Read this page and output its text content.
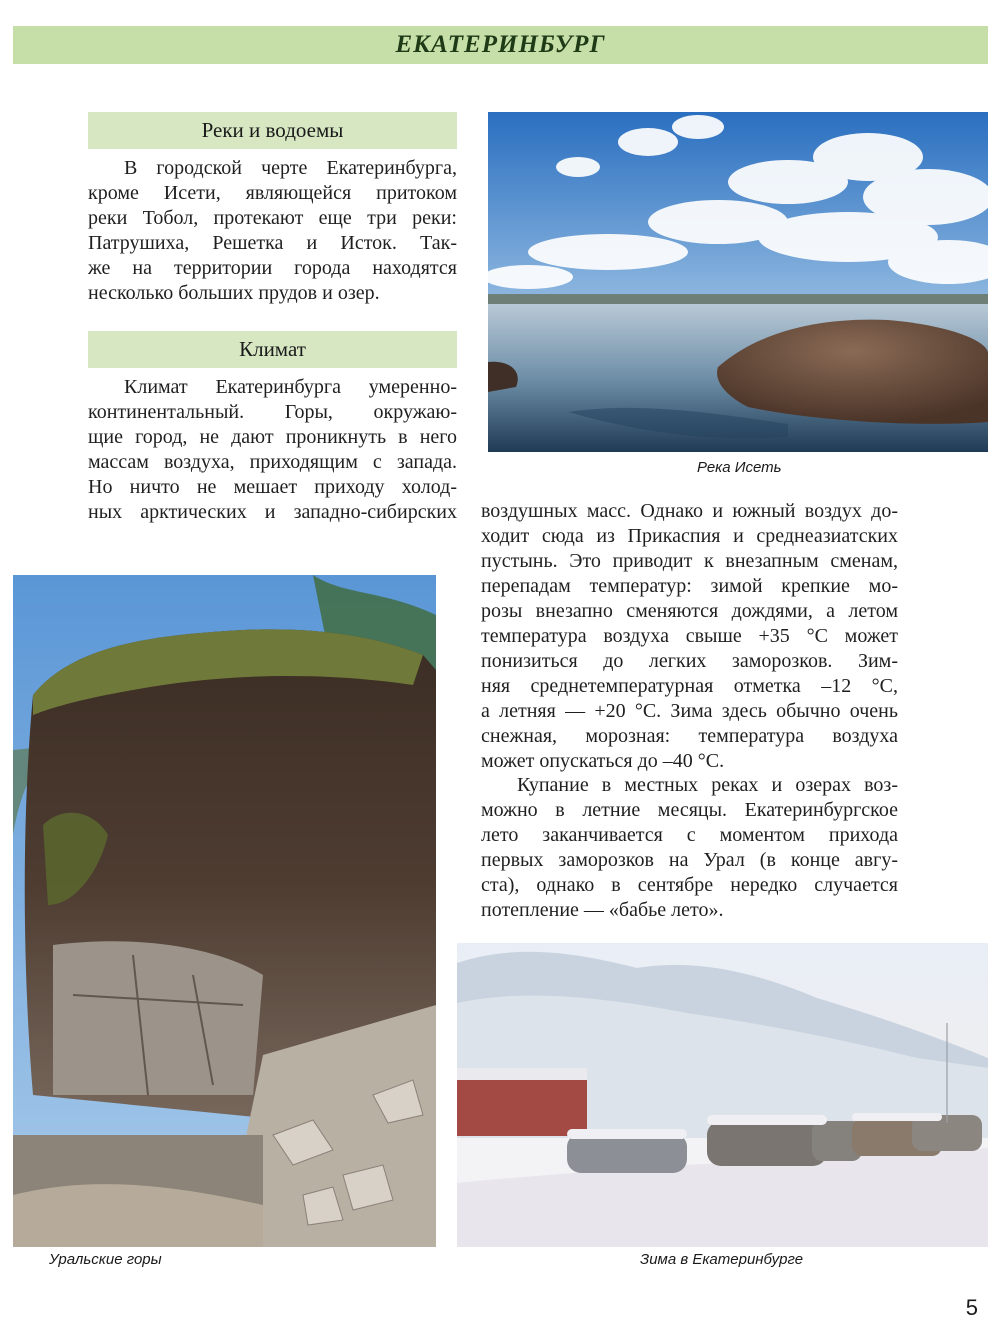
ЕКАТЕРИНБУРГ
Реки и водоемы
В городской черте Екатеринбурга,
кроме Исети, являющейся притоком
реки Тобол, протекают еще три реки:
Патрушиха, Решетка и Исток. Так-
же на территории города находятся
несколько больших прудов и озер.
Климат
Климат Екатеринбурга умеренно-
континентальный. Горы, окружаю-
щие город, не дают проникнуть в него
массам воздуха, приходящим с запада.
Но ничто не мешает приходу холод-
ных арктических и западно-сибирских воздушных масс. Однако и южный воздух до-
ходит сюда из Прикаспия и среднеазиатских
пустынь. Это приводит к внезапным сменам,
перепадам температур: зимой крепкие мо-
розы внезапно сменяются дождями, а летом
температура воздуха свыше +35 °С может
понизиться до легких заморозков. Зим-
няя среднетемпературная отметка –12 °С,
а летняя — +20 °С. Зима здесь обычно очень
снежная, морозная: температура воздуха
может опускаться до –40 °С.
Купание в местных реках и озерах воз-
можно в летние месяцы. Екатеринбургское
лето заканчивается с моментом прихода
первых заморозков на Урал (в конце авгу-
ста), однако в сентябре нередко случается
потепление — «бабье лето».
Река Исеть
Уральские горы	Зима в Екатеринбурге
5
